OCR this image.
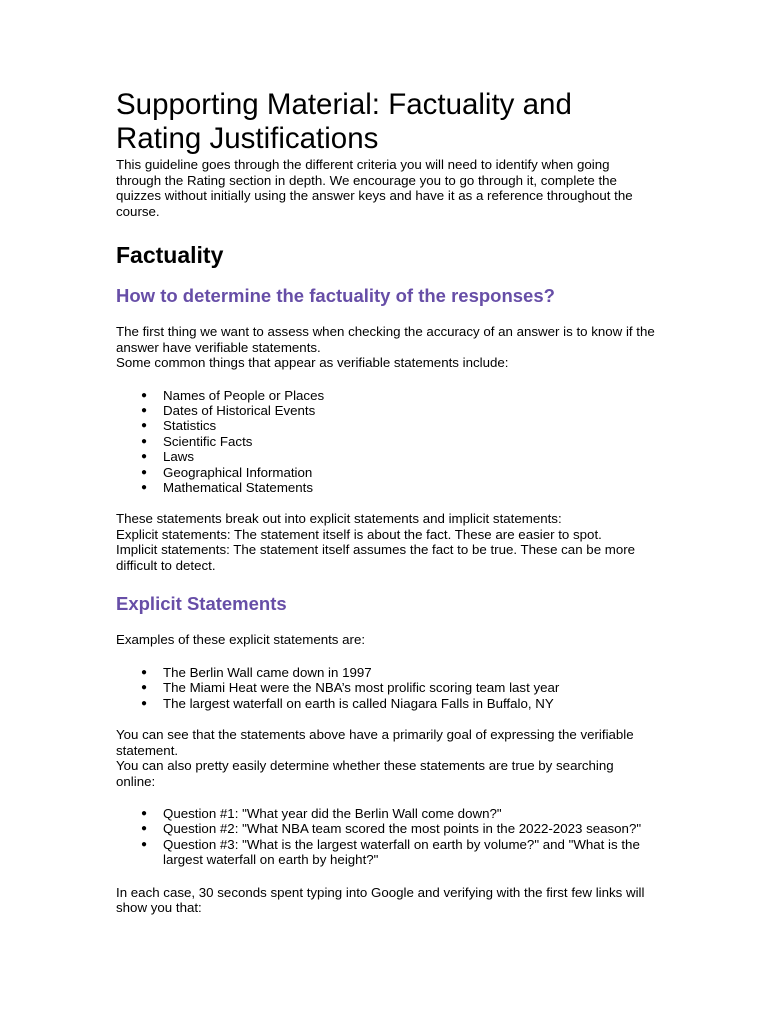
Supporting Material: Factuality and
Rating Justifications

This guideline goes through the different criteria you will need to identify when going through the Rating section in depth. We encourage you to go through it, complete the quizzes without initially using the answer keys and have it as a reference throughout the course.

Factuality
How to determine the factuality of the responses?

The first thing we want to assess when checking the accuracy of an answer is to know if the answer have verifiable statements.

Some common things that appear as verifiable statements include:

● Names of People or Places
● Dates of Historical Events
● Statistics
● Scientific Facts
● Laws
● Geographical Information
● Mathematical Statements

These statements break out into explicit statements and implicit statements:

Explicit statements: The statement itself is about the fact. These are easier to spot.

Implicit statements: The statement itself assumes the fact to be true. These can be more difficult to detect.

Explicit Statements

Examples of these explicit statements are:

● The Berlin Wall came down in 1997
● The Miami Heat were the NBA’s most prolific scoring team last year
● The largest waterfall on earth is called Niagara Falls in Buffalo, NY

You can see that the statements above have a primarily goal of expressing the verifiable statement.

You can also pretty easily determine whether these statements are true by searching online:

● Question #1: "What year did the Berlin Wall come down?"
● Question #2: "What NBA team scored the most points in the 2022-2023 season?"
● Question #3: "What is the largest waterfall on earth by volume?" and "What is the largest waterfall on earth by height?"

In each case, 30 seconds spent typing into Google and verifying with the first few links will show you that:
